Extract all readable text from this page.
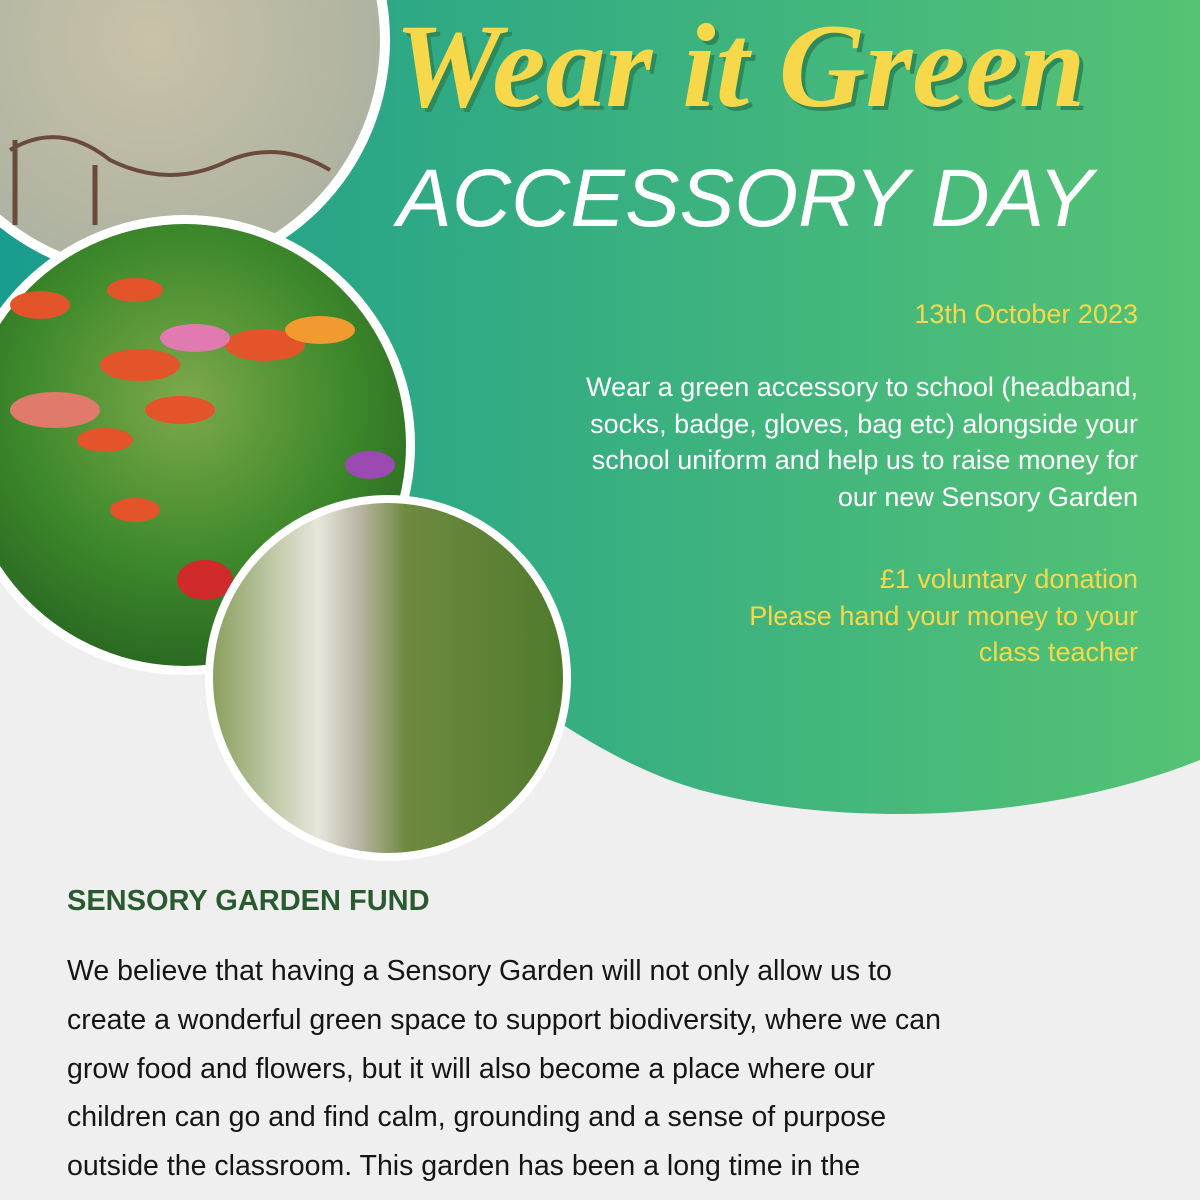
Wear it Green
ACCESSORY DAY
13th October 2023
Wear a green accessory to school (headband,
socks, badge, gloves, bag etc) alongside your
school uniform and help us to raise money for
our new Sensory Garden
£1 voluntary donation
Please hand your money to your
class teacher
SENSORY GARDEN FUND
We believe that having a Sensory Garden will not only allow us to
create a wonderful green space to support biodiversity, where we can
grow food and flowers, but it will also become a place where our
children can go and find calm, grounding and a sense of purpose
outside the classroom. This garden has been a long time in the
